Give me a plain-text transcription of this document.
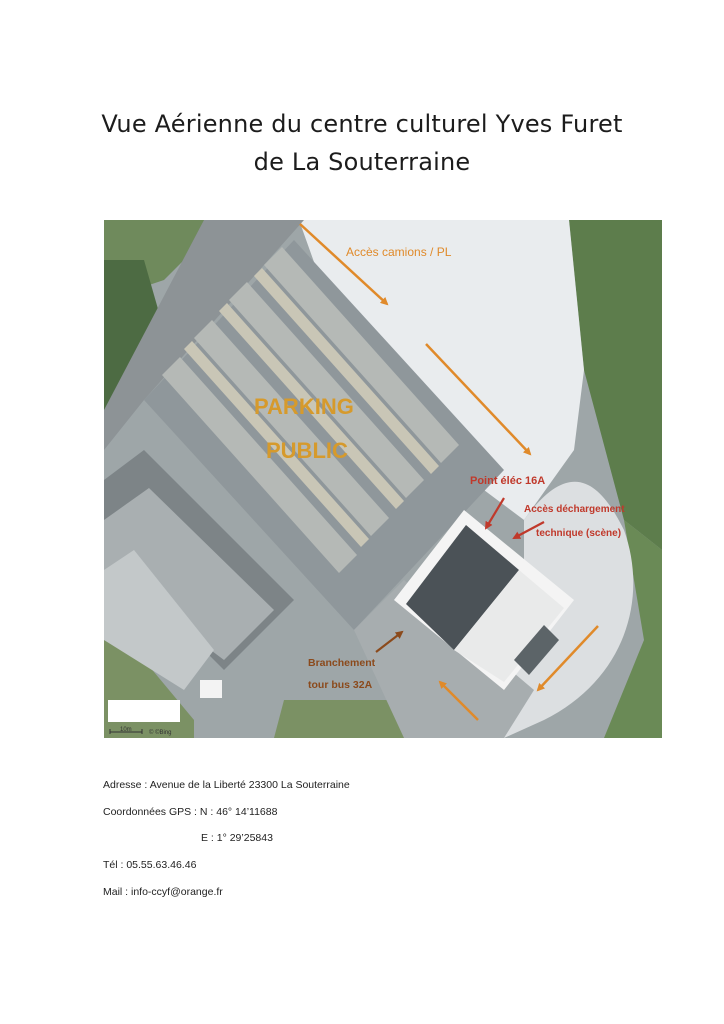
Vue Aérienne du centre culturel Yves Furet
de La Souterraine
10m	© ©Bing
Accès camions / PL
PARKING
PUBLIC
Point éléc 16A
Accès déchargement
technique (scène)
Branchement
tour bus 32A
Adresse : Avenue de la Liberté 23300 La Souterraine
Coordonnées GPS : N : 46° 14’11688
E : 1° 29’25843
Tél : 05.55.63.46.46
Mail : info-ccyf@orange.fr
